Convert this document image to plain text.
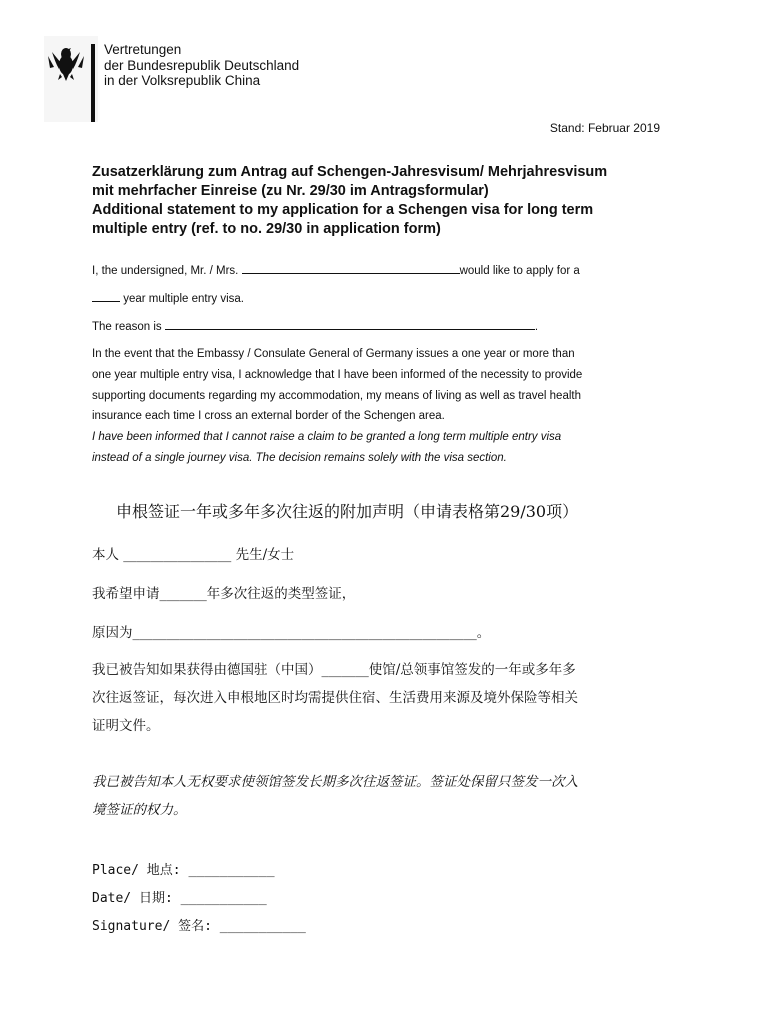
Vertretungen
der Bundesrepublik Deutschland
in der Volksrepublik China
Stand: Februar 2019
Zusatzerklärung zum Antrag auf Schengen-Jahresvisum/ Mehrjahresvisum
mit mehrfacher Einreise (zu Nr. 29/30 im Antragsformular)
Additional statement to my application for a Schengen visa for long term
multiple entry (ref. to no. 29/30 in application form)
I, the undersigned, Mr. / Mrs.	would like to apply for a
year multiple entry visa.
The reason is	.
In the event that the Embassy / Consulate General of Germany issues a one year or more than
one year multiple entry visa, I acknowledge that I have been informed of the necessity to provide
supporting documents regarding my accommodation, my means of living as well as travel health
insurance each time I cross an external border of the Schengen area.
I have been informed that I cannot raise a claim to be granted a long term multiple entry visa
instead of a single journey visa. The decision remains solely with the visa section.
申根签证一年或多年多次往返的附加声明（申请表格第29/30项）
本人 ________________ 先生/女士
我希望申请_______年多次往返的类型签证，
原因为___________________________________________________。
我已被告知如果获得由德国驻（中国）_______使馆/总领事馆签发的一年或多年多
次往返签证，每次进入申根地区时均需提供住宿、生活费用来源及境外保险等相关
证明文件。
我已被告知本人无权要求使领馆签发长期多次往返签证。签证处保留只签发一次入
境签证的权力。
Place/ 地点: ___________
Date/ 日期: ___________
Signature/ 签名: ___________
